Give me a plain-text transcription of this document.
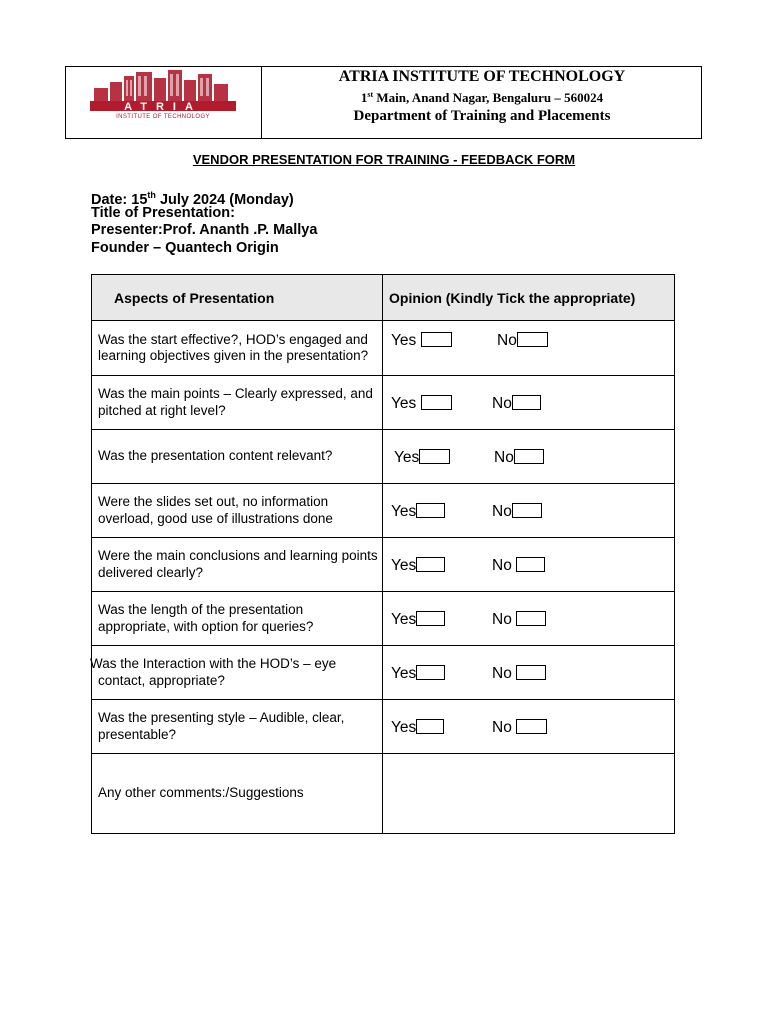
ATRIA
INSTITUTE OF TECHNOLOGY
ATRIA INSTITUTE OF TECHNOLOGY
1st Main, Anand Nagar, Bengaluru – 560024
Department of Training and Placements
VENDOR PRESENTATION FOR TRAINING - FEEDBACK FORM
Date: 15th July 2024 (Monday)
Title of Presentation:
Presenter:Prof. Ananth .P. Mallya
Founder – Quantech Origin
Aspects of Presentation	Opinion (Kindly Tick the appropriate)
Was the start effective?, HOD’s engaged and learning objectives given in the presentation?	Yes No

Was the main points – Clearly expressed, and pitched at right level?	Yes No

Was the presentation content relevant?	Yes No

Were the slides set out, no information overload, good use of illustrations done	Yes No

Were the main conclusions and learning points delivered clearly?	Yes No

Was the length of the presentation appropriate, with option for queries?	Yes No

Was the Interaction with the HOD’s – eye contact, appropriate?	Yes No

Was the presenting style – Audible, clear, presentable?	Yes No

Any other comments:/Suggestions	
